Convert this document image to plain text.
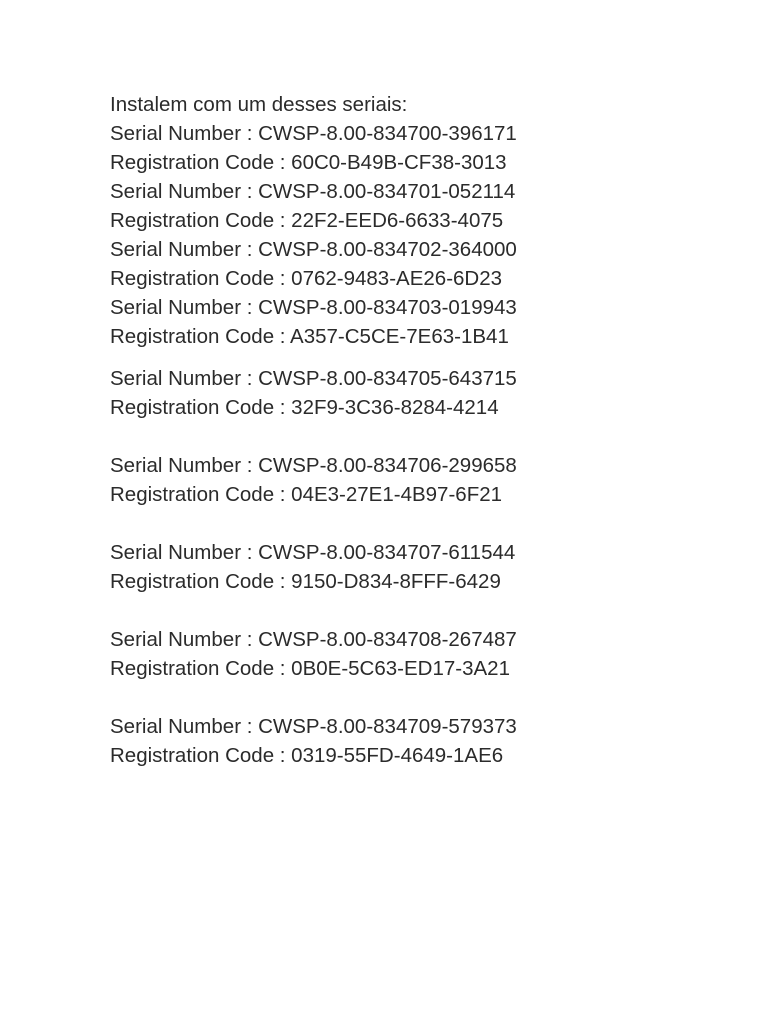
Instalem com um desses seriais:
Serial Number : CWSP-8.00-834700-396171
Registration Code : 60C0-B49B-CF38-3013
Serial Number : CWSP-8.00-834701-052114
Registration Code : 22F2-EED6-6633-4075
Serial Number : CWSP-8.00-834702-364000
Registration Code : 0762-9483-AE26-6D23
Serial Number : CWSP-8.00-834703-019943
Registration Code : A357-C5CE-7E63-1B41
Serial Number : CWSP-8.00-834705-643715
Registration Code : 32F9-3C36-8284-4214
Serial Number : CWSP-8.00-834706-299658
Registration Code : 04E3-27E1-4B97-6F21
Serial Number : CWSP-8.00-834707-611544
Registration Code : 9150-D834-8FFF-6429
Serial Number : CWSP-8.00-834708-267487
Registration Code : 0B0E-5C63-ED17-3A21
Serial Number : CWSP-8.00-834709-579373
Registration Code : 0319-55FD-4649-1AE6
